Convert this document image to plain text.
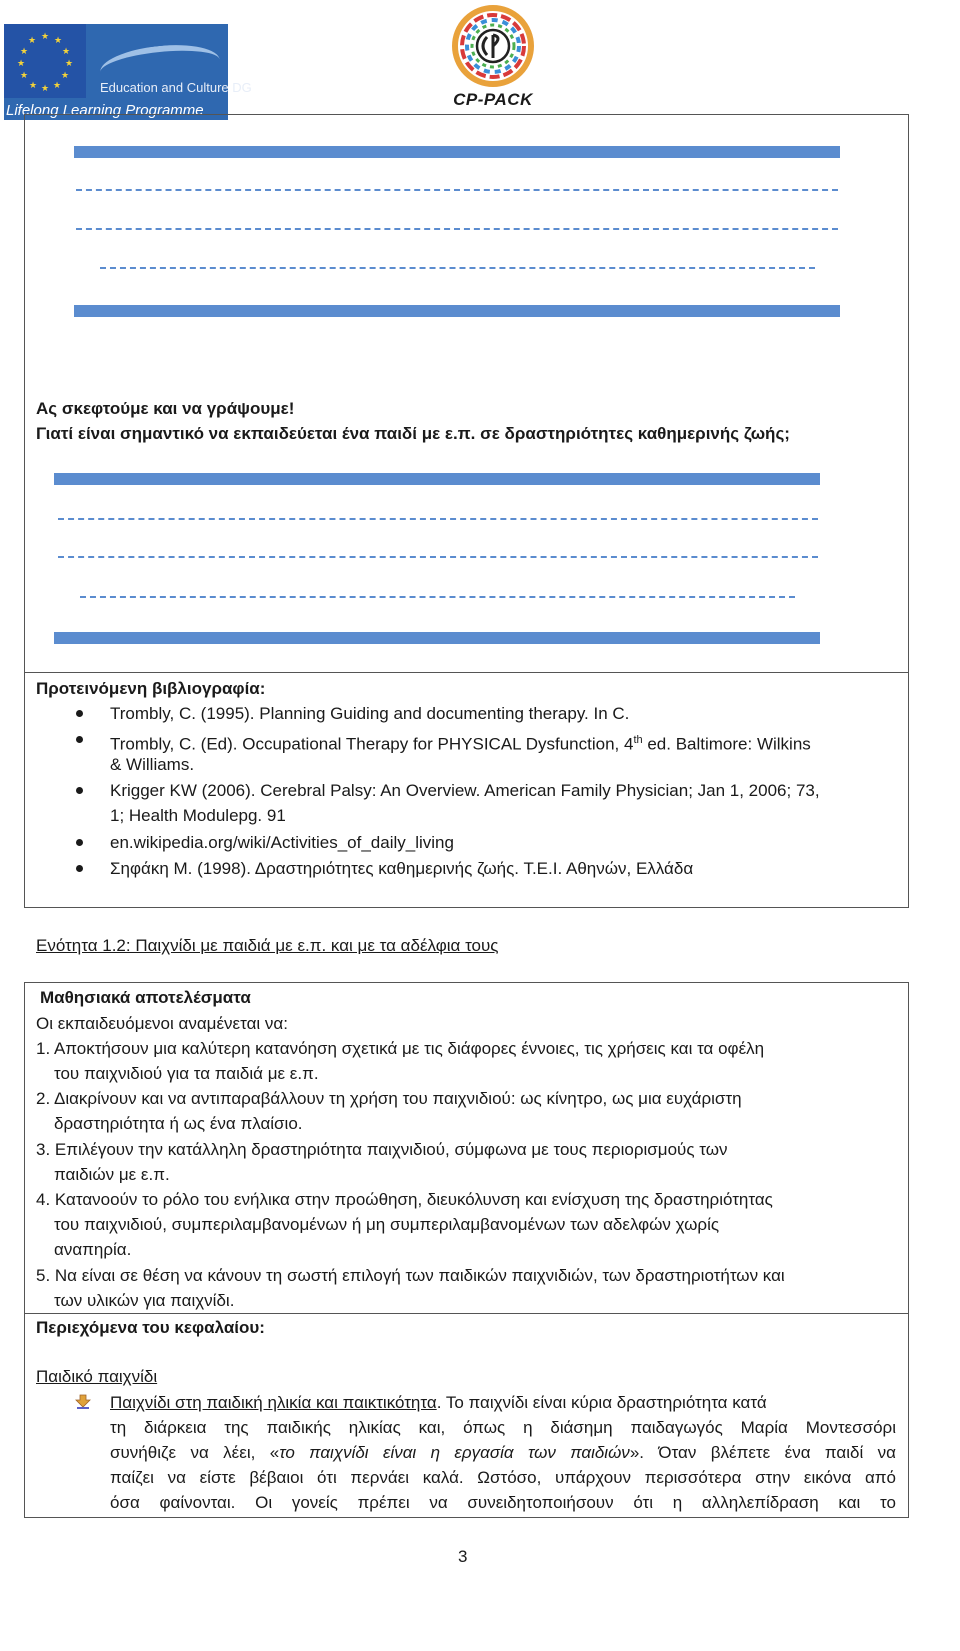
★ ★
★
★
★
★
★
★
★
★
★
★
Education and Culture DG
Lifelong Learning Programme
CP-PACK
Ας σκεφτούμε και να γράψουμε!
Γιατί είναι σημαντικό να εκπαιδεύεται ένα παιδί με ε.π. σε δραστηριότητες καθημερινής ζωής;
Προτεινόμενη βιβλιογραφία:
Trombly, C. (1995). Planning Guiding and documenting therapy. In C.
Trombly, C. (Ed). Occupational Therapy for PHYSICAL Dysfunction, 4th ed. Baltimore: Wilkins
& Williams.
Krigger KW (2006). Cerebral Palsy: An Overview. American Family Physician; Jan 1, 2006; 73,
1; Health Modulepg. 91
en.wikipedia.org/wiki/Activities_of_daily_living
Σηφάκη Μ. (1998). Δραστηριότητες καθημερινής ζωής. Τ.Ε.Ι. Αθηνών, Ελλάδα
Ενότητα 1.2: Παιχνίδι με παιδιά με ε.π. και με τα αδέλφια τους
Μαθησιακά αποτελέσματα
Οι εκπαιδευόμενοι αναμένεται να:
1. Αποκτήσουν μια καλύτερη κατανόηση σχετικά με τις διάφορες έννοιες, τις χρήσεις και τα οφέλη
του παιχνιδιού για τα παιδιά με ε.π.
2. Διακρίνουν και να αντιπαραβάλλουν τη χρήση του παιχνιδιού: ως κίνητρο, ως μια ευχάριστη
δραστηριότητα ή ως ένα πλαίσιο.
3. Επιλέγουν την κατάλληλη δραστηριότητα παιχνιδιού, σύμφωνα με τους περιορισμούς των
παιδιών με ε.π.
4. Κατανοούν το ρόλο του ενήλικα στην προώθηση, διευκόλυνση και ενίσχυση της δραστηριότητας
του παιχνιδιού, συμπεριλαμβανομένων ή μη συμπεριλαμβανομένων των αδελφών χωρίς
αναπηρία.
5. Να είναι σε θέση να κάνουν τη σωστή επιλογή των παιδικών παιχνιδιών, των δραστηριοτήτων και
των υλικών για παιχνίδι.
Περιεχόμενα του κεφαλαίου:
Παιδικό παιχνίδι
Παιχνίδι στη παιδική ηλικία και παικτικότητα. Το παιχνίδι είναι κύρια δραστηριότητα κατά
τη διάρκεια της παιδικής ηλικίας και, όπως η διάσημη παιδαγωγός Μαρία Μοντεσσόρι
συνήθιζε να λέει, «το παιχνίδι είναι η εργασία των παιδιών». Όταν βλέπετε ένα παιδί να
παίζει να είστε βέβαιοι ότι περνάει καλά. Ωστόσο, υπάρχουν περισσότερα στην εικόνα από
όσα φαίνονται. Οι γονείς πρέπει να συνειδητοποιήσουν ότι η αλληλεπίδραση και το
3
